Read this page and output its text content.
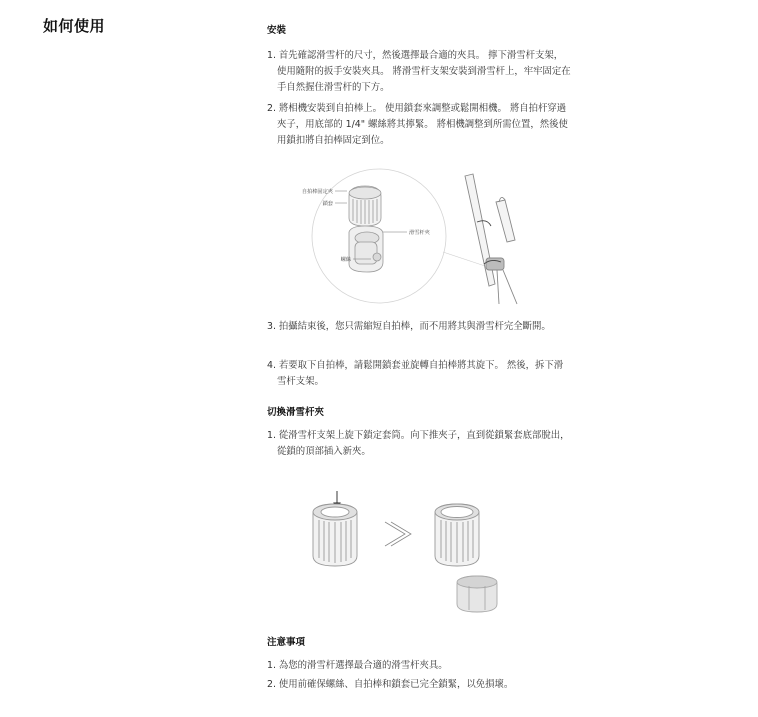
如何使用	安裝
1. 首先確認滑雪杆的尺寸，然後選擇最合適的夾具。 擰下滑雪杆支架，使用隨附的扳手安裝夾具。 將滑雪杆支架安裝到滑雪杆上，牢牢固定在手自然握住滑雪杆的下方。
2. 將相機安裝到自拍棒上。 使用鎖套來調整或鬆開相機。 將自拍杆穿過夾子，用底部的 1/4" 螺絲將其擰緊。 將相機調整到所需位置，然後使用鎖扣將自拍棒固定到位。
自拍棒固定夾
鎖套
滑雪杆夾
螺絲
3. 拍攝結束後，您只需縮短自拍棒，而不用將其與滑雪杆完全斷開。
4. 若要取下自拍棒，請鬆開鎖套並旋轉自拍棒將其旋下。 然後，拆下滑雪杆支架。
切換滑雪杆夾
1. 從滑雪杆支架上旋下鎖定套筒。向下推夾子，直到從鎖緊套底部脫出，從鎖的頂部插入新夾。
注意事項
1. 為您的滑雪杆選擇最合適的滑雪杆夾具。
2. 使用前確保螺絲、自拍棒和鎖套已完全鎖緊，以免損壞。
